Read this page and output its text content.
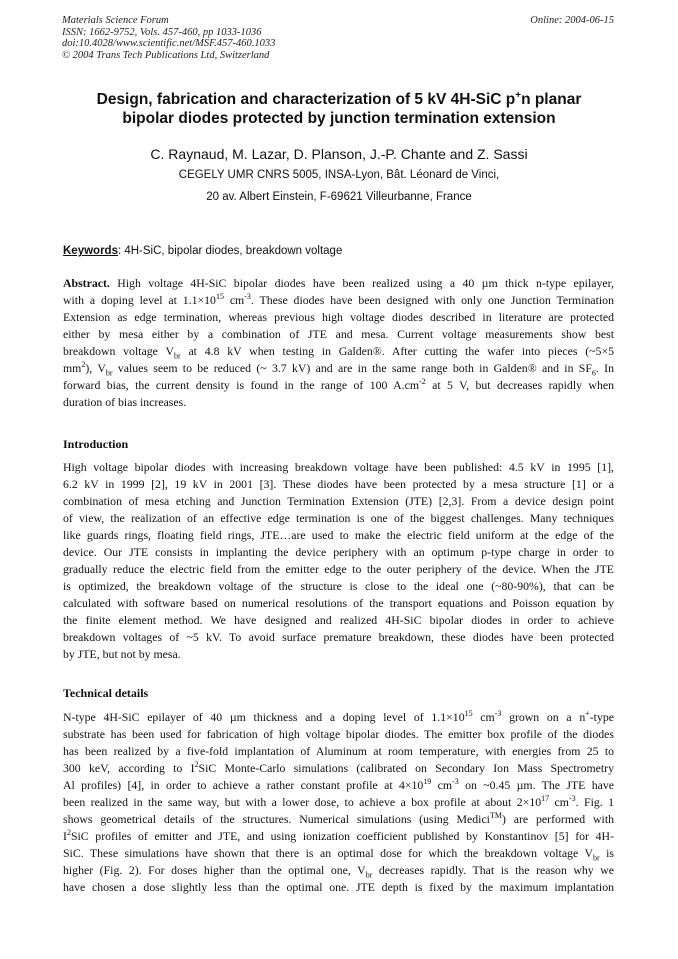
Materials Science Forum
ISSN: 1662-9752, Vols. 457-460, pp 1033-1036
doi:10.4028/www.scientific.net/MSF.457-460.1033
© 2004 Trans Tech Publications Ltd, Switzerland
Online: 2004-06-15
Design, fabrication and characterization of 5 kV 4H-SiC p+n planar
bipolar diodes protected by junction termination extension
C. Raynaud, M. Lazar, D. Planson, J.-P. Chante and Z. Sassi
CEGELY UMR CNRS 5005, INSA-Lyon, Bât. Léonard de Vinci,
20 av. Albert Einstein, F-69621 Villeurbanne, France
Keywords: 4H-SiC, bipolar diodes, breakdown voltage
Abstract. High voltage 4H-SiC bipolar diodes have been realized using a 40 µm thick n-type epilayer,
with a doping level at $1.1\times 10^{15}$ $cm^{-3}$. These diodes have been designed with only one Junction Termination
Extension as edge termination, whereas previous high voltage diodes described in literature are protected
either by mesa either by a combination of JTE and mesa. Current voltage measurements show best
breakdown voltage $V_{br}$ at 4.8 kV when testing in Galden®. After cutting the wafer into pieces (~5×5
$mm^2$), $V_{br}$ values seem to be reduced (~ 3.7 kV) and are in the same range both in Galden® and in $SF_6$. In
forward bias, the current density is found in the range of 100 $A.cm^{-2}$ at 5 V, but decreases rapidly when
duration of bias increases.
Introduction
High voltage bipolar diodes with increasing breakdown voltage have been published: 4.5 kV in 1995 [1],
6.2 kV in 1999 [2], 19 kV in 2001 [3]. These diodes have been protected by a mesa structure [1] or a
combination of mesa etching and Junction Termination Extension (JTE) [2,3]. From a device design point
of view, the realization of an effective edge termination is one of the biggest challenges. Many techniques
like guards rings, floating field rings, JTE…are used to make the electric field uniform at the edge of the
device. Our JTE consists in implanting the device periphery with an optimum p-type charge in order to
gradually reduce the electric field from the emitter edge to the outer periphery of the device. When the JTE
is optimized, the breakdown voltage of the structure is close to the ideal one (~80-90%), that can be
calculated with software based on numerical resolutions of the transport equations and Poisson equation by
the finite element method. We have designed and realized 4H-SiC bipolar diodes in order to achieve
breakdown voltages of ~5 kV. To avoid surface premature breakdown, these diodes have been protected
by JTE, but not by mesa.
Technical details
N-type 4H-SiC epilayer of 40 µm thickness and a doping level of $1.1\times 10^{15}$ $cm^{-3}$ grown on a n+-type
substrate has been used for fabrication of high voltage bipolar diodes. The emitter box profile of the diodes
has been realized by a five-fold implantation of Aluminum at room temperature, with energies from 25 to
300 keV, according to $I^2SiC$ Monte-Carlo simulations (calibrated on Secondary Ion Mass Spectrometry
Al profiles) [4], in order to achieve a rather constant profile at $4\times 10^{19}$ $cm^{-3}$ on ~0.45 µm. The JTE have
been realized in the same way, but with a lower dose, to achieve a box profile at about $2\times 10^{17}$ $cm^{-3}$. Fig. 1
shows geometrical details of the structures. Numerical simulations (using Medici™) are performed with
$I^2SiC$ profiles of emitter and JTE, and using ionization coefficient published by Konstantinov [5] for 4H-
SiC. These simulations have shown that there is an optimal dose for which the breakdown voltage $V_{br}$ is
higher (Fig. 2). For doses higher than the optimal one, $V_{br}$ decreases rapidly. That is the reason why we
have chosen a dose slightly less than the optimal one. JTE depth is fixed by the maximum implantation
